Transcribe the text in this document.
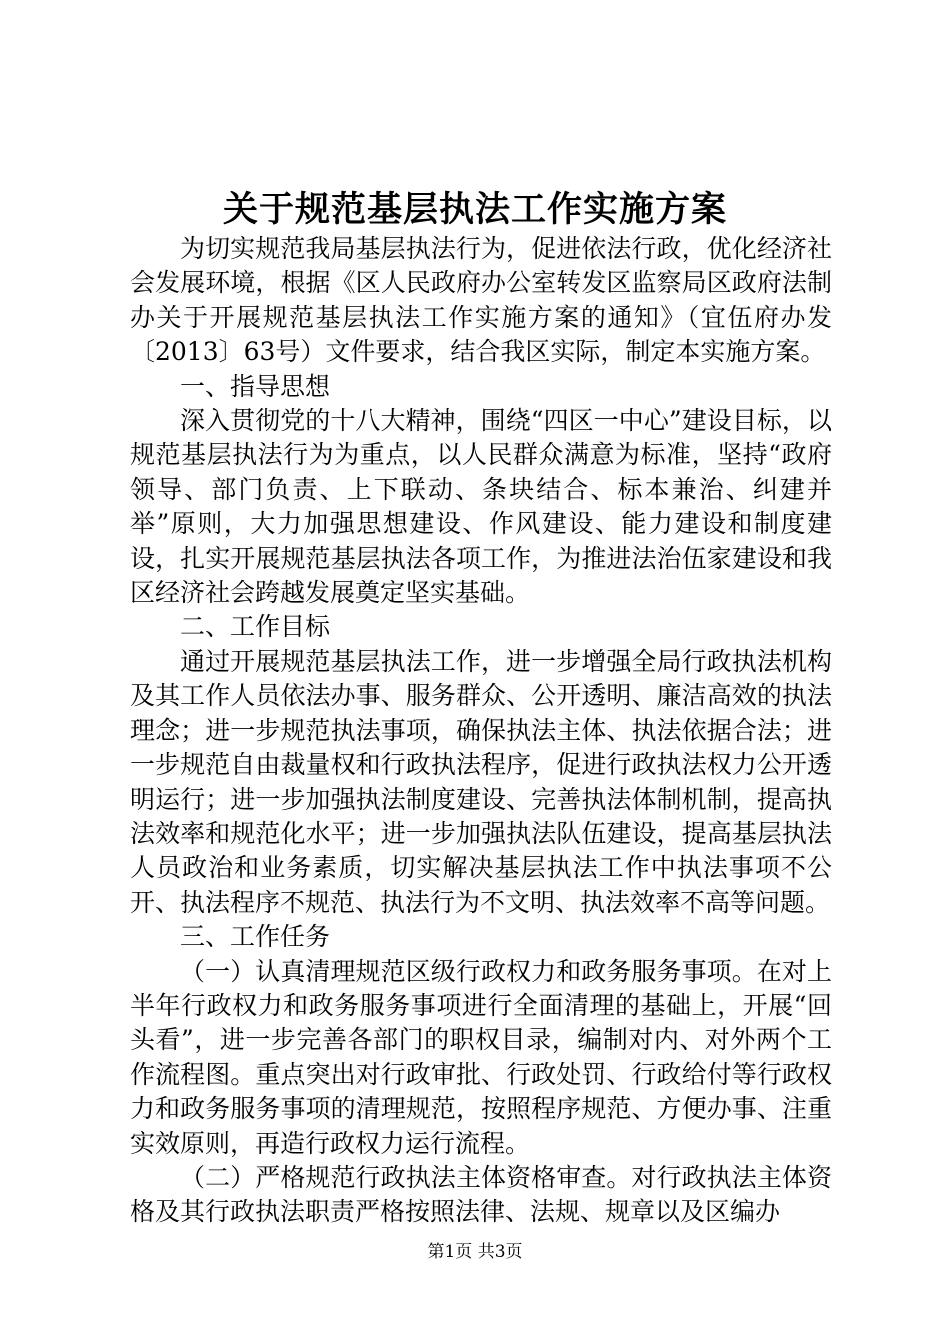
关于规范基层执法工作实施方案

为切实规范我局基层执法行为，促进依法行政，优化经济社会发展环境，根据《区人民政府办公室转发区监察局区政府法制办关于开展规范基层执法工作实施方案的通知》（宜伍府办发〔2013〕63号）文件要求，结合我区实际，制定本实施方案。

一、指导思想

深入贯彻党的十八大精神，围绕“四区一中心”建设目标，以规范基层执法行为为重点，以人民群众满意为标准，坚持“政府领导、部门负责、上下联动、条块结合、标本兼治、纠建并举”原则，大力加强思想建设、作风建设、能力建设和制度建设，扎实开展规范基层执法各项工作，为推进法治伍家建设和我区经济社会跨越发展奠定坚实基础。

二、工作目标

通过开展规范基层执法工作，进一步增强全局行政执法机构及其工作人员依法办事、服务群众、公开透明、廉洁高效的执法理念；进一步规范执法事项，确保执法主体、执法依据合法；进一步规范自由裁量权和行政执法程序，促进行政执法权力公开透明运行；进一步加强执法制度建设、完善执法体制机制，提高执法效率和规范化水平；进一步加强执法队伍建设，提高基层执法人员政治和业务素质，切实解决基层执法工作中执法事项不公开、执法程序不规范、执法行为不文明、执法效率不高等问题。

三、工作任务

（一）认真清理规范区级行政权力和政务服务事项。在对上半年行政权力和政务服务事项进行全面清理的基础上，开展“回头看”，进一步完善各部门的职权目录，编制对内、对外两个工作流程图。重点突出对行政审批、行政处罚、行政给付等行政权力和政务服务事项的清理规范，按照程序规范、方便办事、注重实效原则，再造行政权力运行流程。

（二）严格规范行政执法主体资格审查。对行政执法主体资格及其行政执法职责严格按照法律、法规、规章以及区编办

第1页 共3页
